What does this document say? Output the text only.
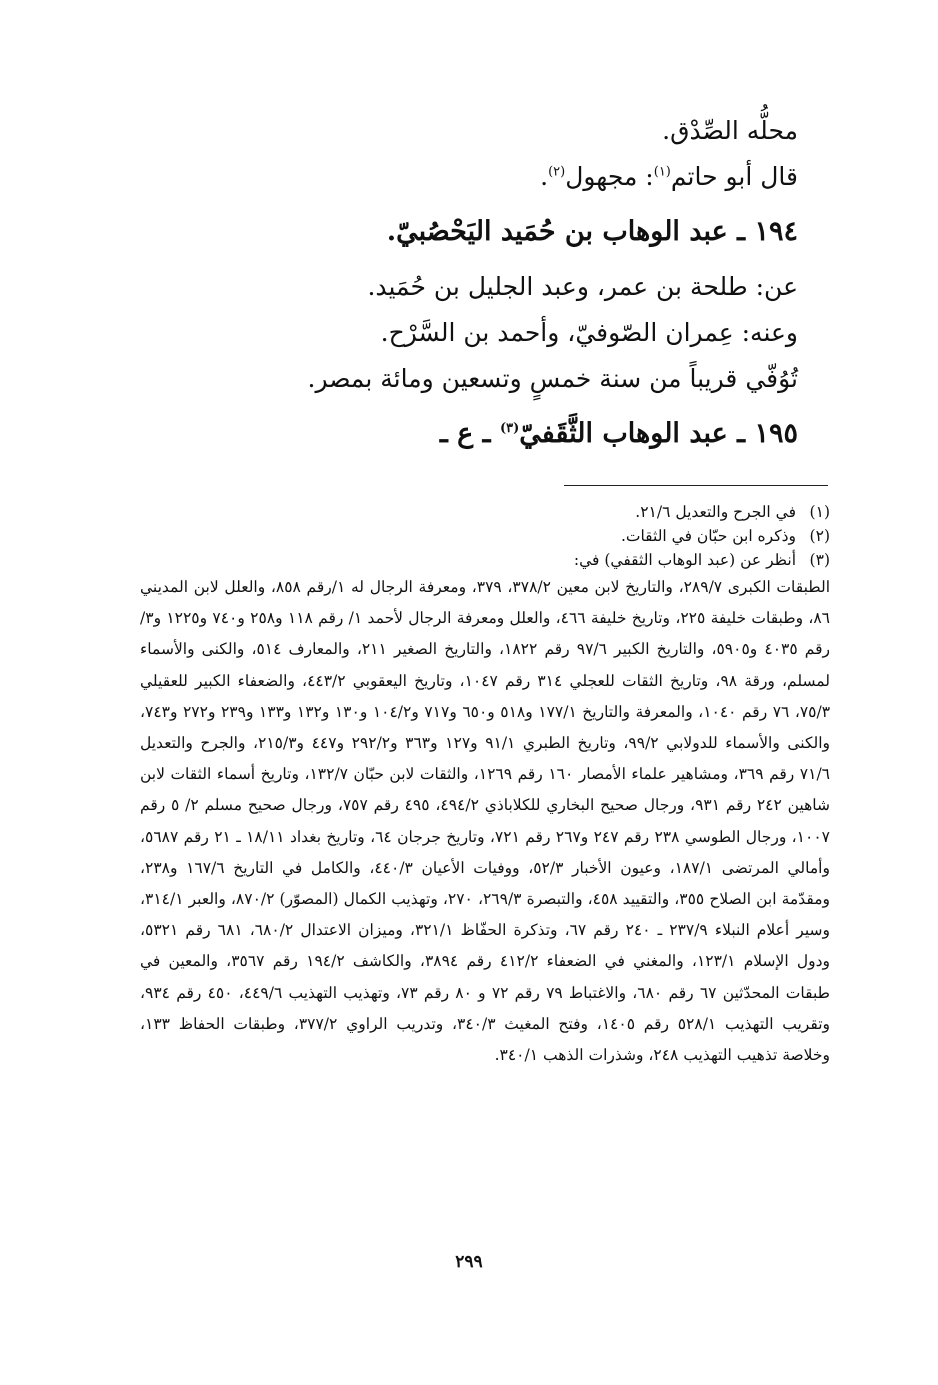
محلُّه الصِّدْق.

قال أبو حاتم$^{(١)}$: مجهول$^{(٢)}$.

١٩٤ ـ عبد الوهاب بن حُمَيد اليَحْصُبيّ.

عن: طلحة بن عمر، وعبد الجليل بن حُمَيد.

وعنه: عِمران الصّوفيّ، وأحمد بن السَّرْح.

تُوُفّي قريباً من سنة خمسٍ وتسعين ومائة بمصر.

١٩٥ ـ عبد الوهاب الثَّقَفيّ$^{(٣)}$ ـ ع ـ

(١)في الجرح والتعديل ٢١/٦.

(٢)وذكره ابن حبّان في الثقات.

(٣)أنظر عن (عبد الوهاب الثقفي) في:

الطبقات الكبرى ٢٨٩/٧، والتاريخ لابن معين ٣٧٨/٢، ٣٧٩، ومعرفة الرجال له ١/رقم ٨٥٨، والعلل لابن المديني ٨٦، وطبقات خليفة ٢٢٥، وتاريخ خليفة ٤٦٦، والعلل ومعرفة الرجال لأحمد ١/ رقم ١١٨ و٢٥٨ و٧٤٠ و١٢٢٥ و٣/ رقم ٤٠٣٥ و٥٩٠٥، والتاريخ الكبير ٩٧/٦ رقم ١٨٢٢، والتاريخ الصغير ٢١١، والمعارف ٥١٤، والكنى والأسماء لمسلم، ورقة ٩٨، وتاريخ الثقات للعجلي ٣١٤ رقم ١٠٤٧، وتاريخ اليعقوبي ٤٤٣/٢، والضعفاء الكبير للعقيلي ٧٥/٣، ٧٦ رقم ١٠٤٠، والمعرفة والتاريخ ١٧٧/١ و٥١٨ و٦٥٠ و٧١٧ و١٠٤/٢ و١٣٠ و١٣٢ و١٣٣ و٢٣٩ و٢٧٢ و٧٤٣، والكنى والأسماء للدولابي ٩٩/٢، وتاريخ الطبري ٩١/١ و١٢٧ و٣٦٣ و٢٩٢/٢ و٤٤٧ و٢١٥/٣، والجرح والتعديل ٧١/٦ رقم ٣٦٩، ومشاهير علماء الأمصار ١٦٠ رقم ١٢٦٩، والثقات لابن حبّان ١٣٢/٧، وتاريخ أسماء الثقات لابن شاهين ٢٤٢ رقم ٩٣١، ورجال صحيح البخاري للكلاباذي ٤٩٤/٢، ٤٩٥ رقم ٧٥٧، ورجال صحيح مسلم ٢/ ٥ رقم ١٠٠٧، ورجال الطوسي ٢٣٨ رقم ٢٤٧ و٢٦٧ رقم ٧٢١، وتاريخ جرجان ٦٤، وتاريخ بغداد ١٨/١١ ـ ٢١ رقم ٥٦٨٧، وأمالي المرتضى ١٨٧/١، وعيون الأخبار ٥٢/٣، ووفيات الأعيان ٤٤٠/٣، والكامل في التاريخ ١٦٧/٦ و٢٣٨، ومقدّمة ابن الصلاح ٣٥٥، والتقييد ٤٥٨، والتبصرة ٢٦٩/٣، ٢٧٠، وتهذيب الكمال (المصوّر) ٨٧٠/٢، والعبر ٣١٤/١، وسير أعلام النبلاء ٢٣٧/٩ ـ ٢٤٠ رقم ٦٧، وتذكرة الحفّاظ ٣٢١/١، وميزان الاعتدال ٦٨٠/٢، ٦٨١ رقم ٥٣٢١، ودول الإسلام ١٢٣/١، والمغني في الضعفاء ٤١٢/٢ رقم ٣٨٩٤، والكاشف ١٩٤/٢ رقم ٣٥٦٧، والمعين في طبقات المحدّثين ٦٧ رقم ٦٨٠، والاغتباط ٧٩ رقم ٧٢ و ٨٠ رقم ٧٣، وتهذيب التهذيب ٤٤٩/٦، ٤٥٠ رقم ٩٣٤، وتقريب التهذيب ٥٢٨/١ رقم ١٤٠٥، وفتح المغيث ٣٤٠/٣، وتدريب الراوي ٣٧٧/٢، وطبقات الحفاظ ١٣٣، وخلاصة تذهيب التهذيب ٢٤٨، وشذرات الذهب ٣٤٠/١.

٢٩٩
